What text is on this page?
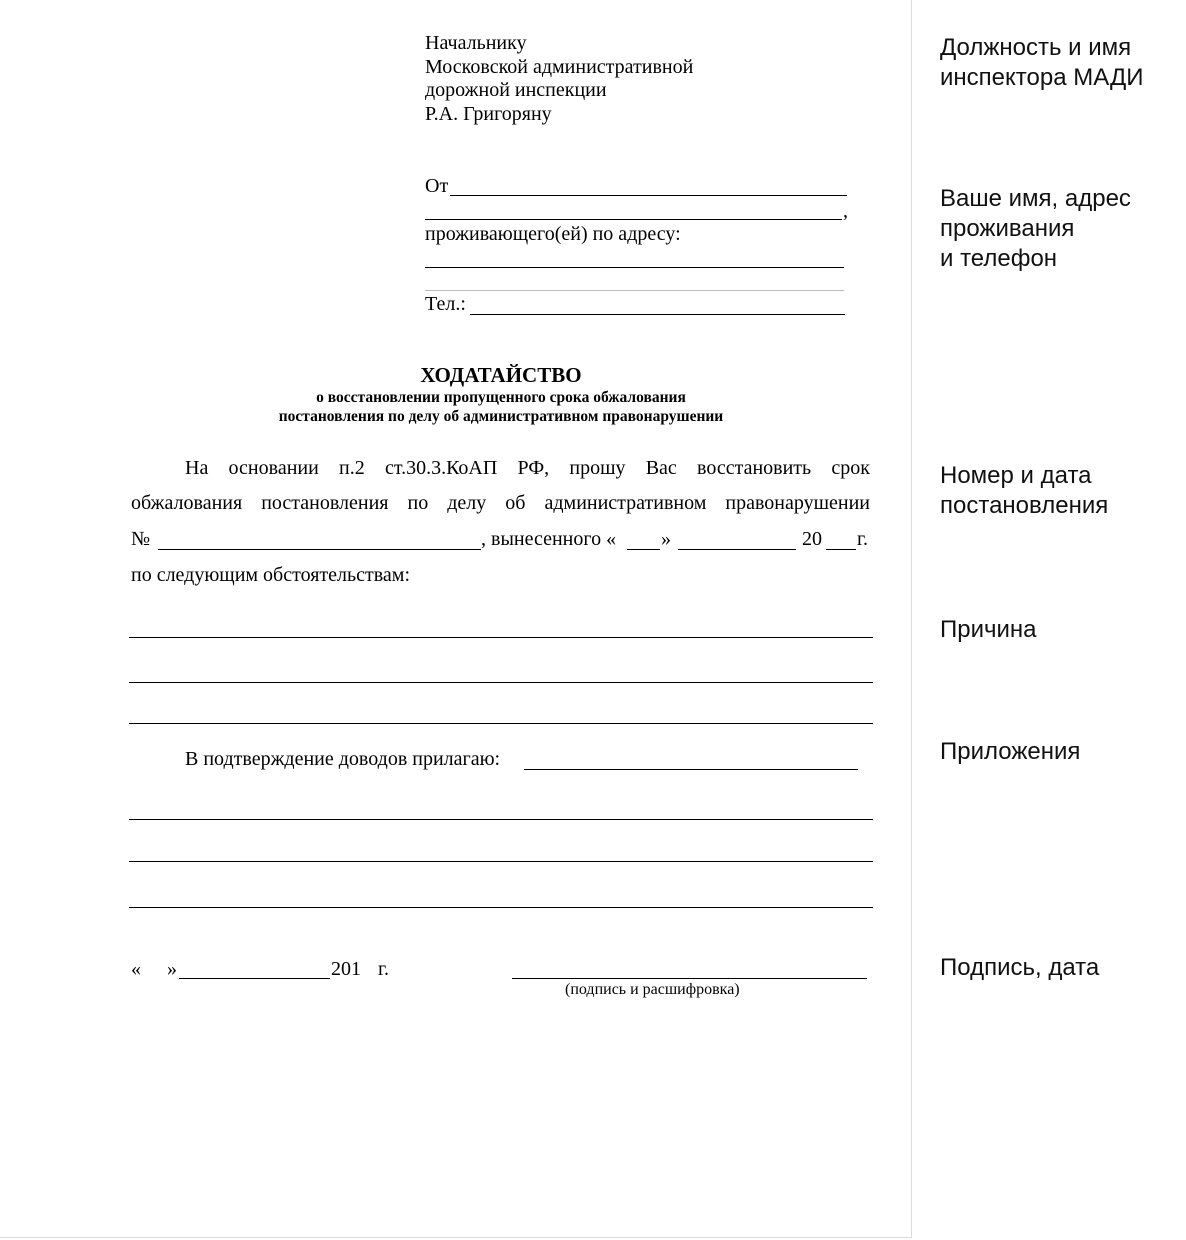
Начальнику
Московской административной
дорожной инспекции
Р.А. Григоряну
От
,
проживающего(ей) по адресу:
Тел.:
ХОДАТАЙСТВО
о восстановлении пропущенного срока обжалования
постановления по делу об административном правонарушении
На основании п.2 ст.30.3.КоАП РФ, прошу Вас восстановить срок
обжалования постановления по делу об административном правонарушении
№	, вынесенного « »	20 г.
по следующим обстоятельствам:
В подтверждение доводов прилагаю:
« »	201 г.
(подпись и расшифровка)
Должность и имя
инспектора МАДИ
Ваше имя, адрес
проживания
и телефон
Номер и дата
постановления
Причина
Приложения
Подпись, дата
